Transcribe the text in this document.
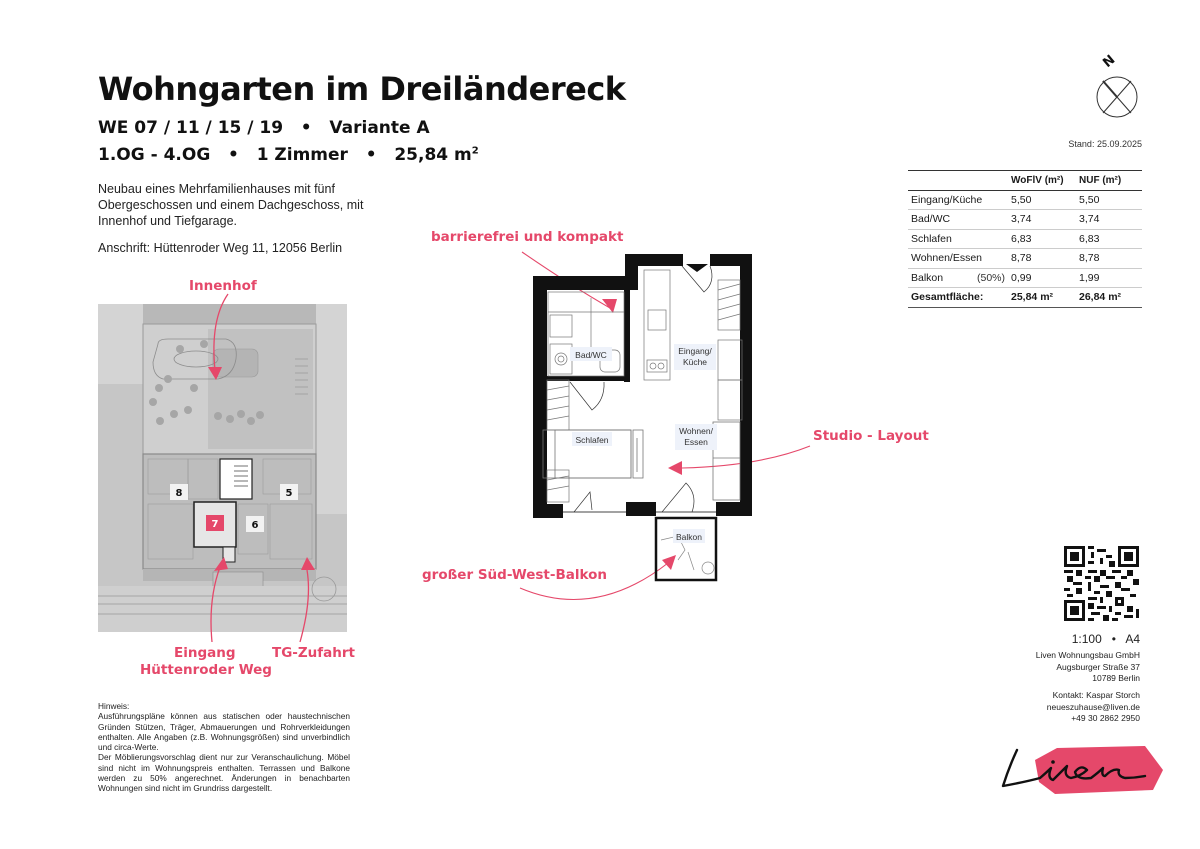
Wohngarten im Dreiländereck
WE 07 / 11 / 15 / 19   •   Variante A
1.OG - 4.OG • 1 Zimmer • 25,84 $m^2$
Neubau eines Mehrfamilienhauses mit fünf Obergeschossen und einem Dachgeschoss, mit Innenhof und Tiefgarage.
Anschrift: Hüttenroder Weg 11, 12056 Berlin
Innenhof
Eingang
Hüttenroder Weg
TG-Zufahrt
8	5
7	6
barrierefrei und kompakt
Studio - Layout
großer Süd-West-Balkon
Bad/WC	Eingang/
Küche
Schlafen
Wohnen/
Essen
Balkon
N
Stand: 25.09.2025
	WoFlV (m²)	NUF (m²)
Eingang/Küche	5,50	5,50
Bad/WC	3,74	3,74
Schlafen	6,83	6,83
Wohnen/Essen	8,78	8,78
Balkon (50%)	0,99	1,99
Gesamtfläche:	25,84 m²	26,84 m²
1:100   •   A4
Liven Wohnungsbau GmbH
Augsburger Straße 37
10789 Berlin
Kontakt: Kaspar Storch
neueszuhause@liven.de
+49 30 2862 2950
Hinweis:
Ausführungspläne können aus statischen oder haustechnischen Gründen Stützen, Träger, Abmauerungen und Rohrverkleidungen enthalten. Alle Angaben (z.B. Wohnungsgrößen) sind unverbindlich und circa-Werte.
Der Möblierungsvorschlag dient nur zur Veranschaulichung. Möbel sind nicht im Wohnungspreis enthalten. Terrassen und Balkone werden zu 50% angerechnet. Änderungen in benachbarten Wohnungen sind nicht im Grundriss dargestellt.
